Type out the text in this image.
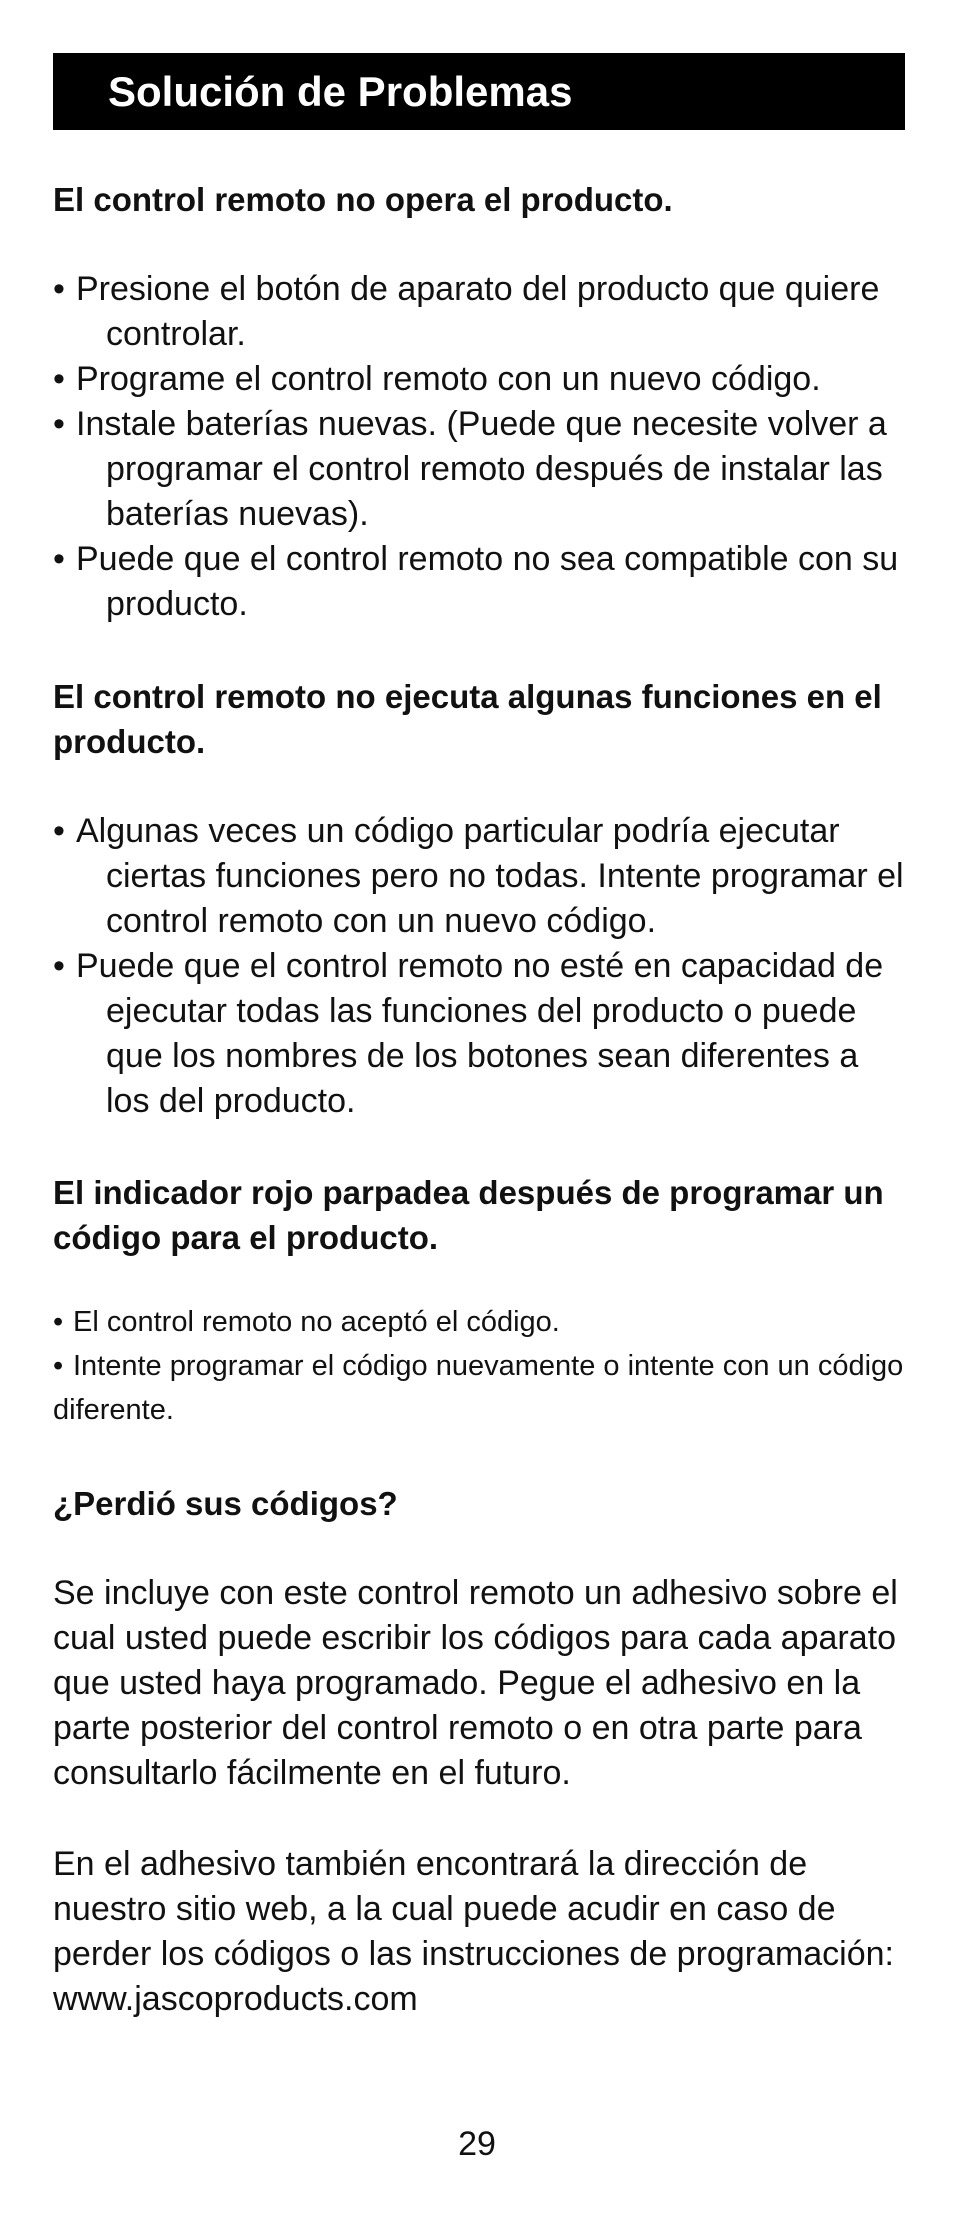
Solución de Problemas

El control remoto no opera el producto.

• Presione el botón de aparato del producto que quiere controlar.
• Programe el control remoto con un nuevo código.
• Instale baterías nuevas. (Puede que necesite volver a programar el control remoto después de instalar las baterías nuevas).
• Puede que el control remoto no sea compatible con su producto.

El control remoto no ejecuta algunas funciones en el producto.

• Algunas veces un código particular podría ejecutar ciertas funciones pero no todas. Intente programar el control remoto con un nuevo código.
• Puede que el control remoto no esté en capacidad de ejecutar todas las funciones del producto o puede que los nombres de los botones sean diferentes a los del producto.

El indicador rojo parpadea después de programar un código para el producto.

• El control remoto no aceptó el código.
• Intente programar el código nuevamente o intente con un código diferente.

¿Perdió sus códigos?

Se incluye con este control remoto un adhesivo sobre el cual usted puede escribir los códigos para cada aparato que usted haya programado. Pegue el adhesivo en la parte posterior del control remoto o en otra parte para consultarlo fácilmente en el futuro.

En el adhesivo también encontrará la dirección de nuestro sitio web, a la cual puede acudir en caso de perder los códigos o las instrucciones de programación: www.jascoproducts.com

29
